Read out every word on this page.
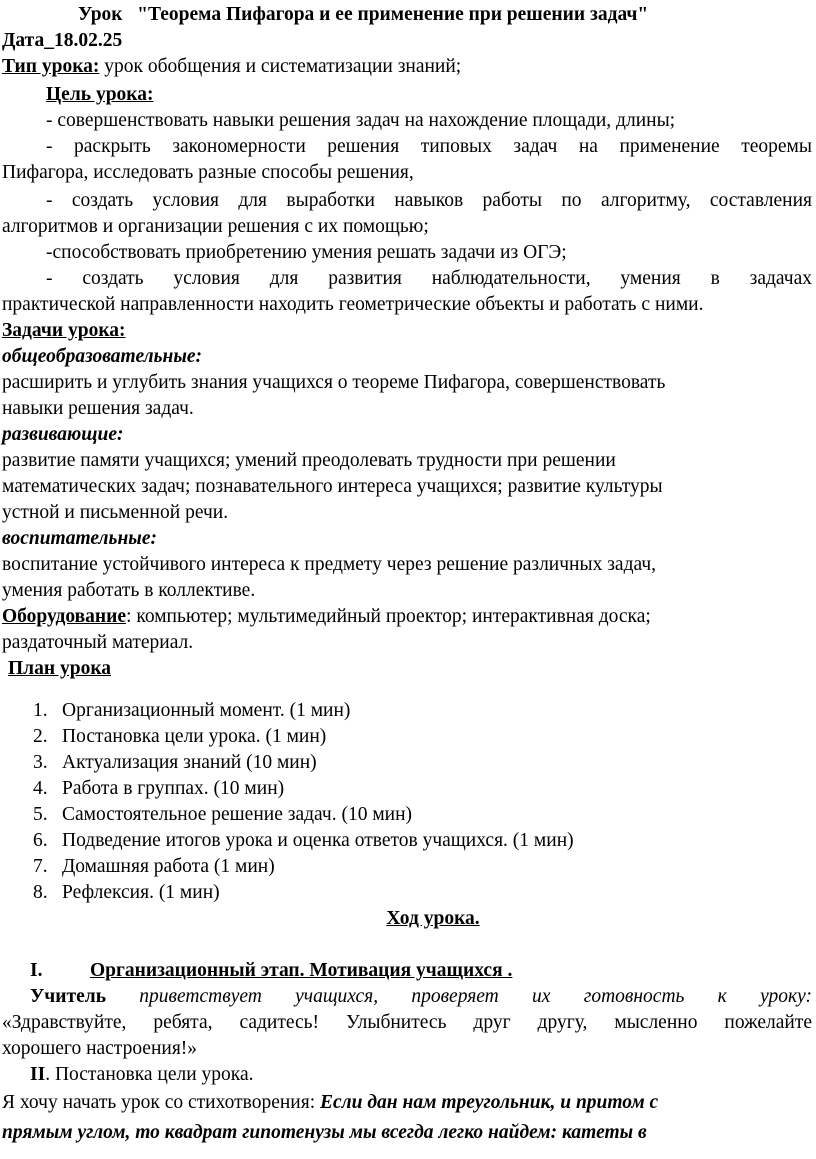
Урок "Теорема Пифагора и ее применение при решении задач"
Дата_18.02.25
Тип урока: урок обобщения и систематизации знаний;
Цель урока:
- совершенствовать навыки решения задач на нахождение площади, длины;
- раскрыть закономерности решения типовых задач на применение теоремы
Пифагора, исследовать разные способы решения,
- создать условия для выработки навыков работы по алгоритму, составления
алгоритмов и организации решения с их помощью;
-способствовать приобретению умения решать задачи из ОГЭ;
- создать условия для развития наблюдательности, умения в задачах
практической направленности находить геометрические объекты и работать с ними.
Задачи урока:
общеобразовательные:
расширить и углубить знания учащихся о теореме Пифагора, совершенствовать
навыки решения задач.
развивающие:
развитие памяти учащихся; умений преодолевать трудности при решении
математических задач; познавательного интереса учащихся; развитие культуры
устной и письменной речи.
воспитательные:
воспитание устойчивого интереса к предмету через решение различных задач,
умения работать в коллективе.
Оборудование: компьютер; мультимедийный проектор; интерактивная доска;
раздаточный материал.
План урока
1. Организационный момент. (1 мин)
2. Постановка цели урока. (1 мин)
3. Актуализация знаний (10 мин)
4. Работа в группах. (10 мин)
5. Самостоятельное решение задач. (10 мин)
6. Подведение итогов урока и оценка ответов учащихся. (1 мин)
7. Домашняя работа (1 мин)
8. Рефлексия. (1 мин)
Ход урока.
I.	Организационный этап. Мотивация учащихся .
Учитель приветствует учащихся, проверяет их готовность к уроку:
«Здравствуйте, ребята, садитесь! Улыбнитесь друг другу, мысленно пожелайте
хорошего настроения!»
II. Постановка цели урока.
Я хочу начать урок со стихотворения: Если дан нам треугольник, и притом с
прямым углом, то квадрат гипотенузы мы всегда легко найдем: катеты в
